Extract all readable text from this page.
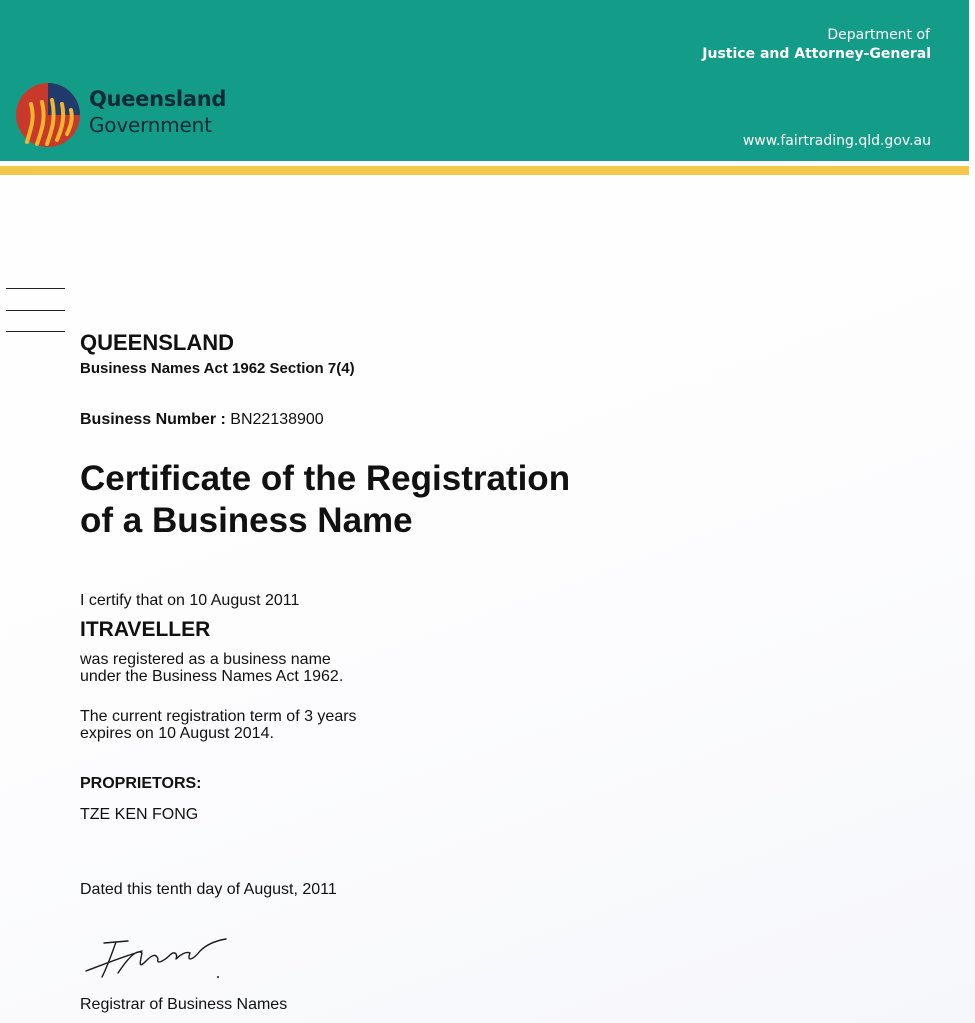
Queensland
Government
Department of
Justice and Attorney-General
www.fairtrading.qld.gov.au
QUEENSLAND
Business Names Act 1962 Section 7(4)
Business Number : BN22138900
Certificate of the Registration
of a Business Name
I certify that on 10 August 2011
ITRAVELLER
was registered as a business name
under the Business Names Act 1962.
The current registration term of 3 years
expires on 10 August 2014.
PROPRIETORS:
TZE KEN FONG
Dated this tenth day of August, 2011
Registrar of Business Names
